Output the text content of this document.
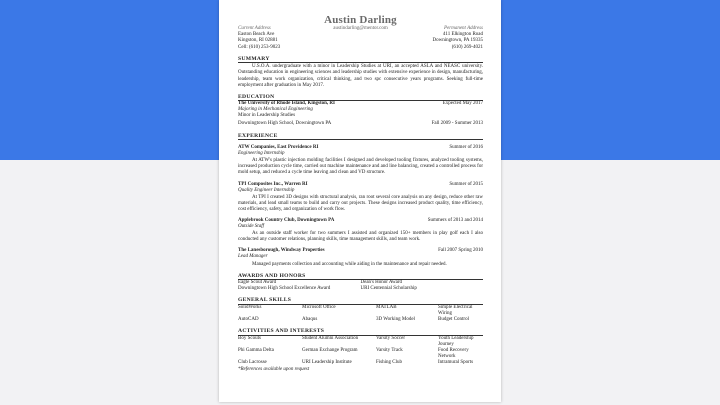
Austin Darling
Current Address	austindarling@mentor.com	Permanent Address
Easton Beach Ave	411 Elkington Road
Kingston, RI 02881	Downingtown, PA 19335
Cell: (610) 253-9023	(610) 269-4021
SUMMARY
U.S.O.A. undergraduate with a minor in Leadership Studies at URI, an accepted ASLA and NEASC university. Outstanding education in engineering sciences and leadership studies with extensive experience in design, manufacturing, leadership, team work organization, critical thinking, and two spc consecutive years programs. Seeking full-time employment after graduation in May 2017.
EDUCATION
The University of Rhode Island, Kingston, RI	Expected May 2017
Majoring in Mechanical Engineering
Minor in Leadership Studies
Downingtown High School, Downingtown PA	Fall 2009 - Summer 2013
EXPERIENCE
ATW Companies, East Providence RI	Summer of 2016
Engineering Internship
At ATW's plastic injection molding facilities I designed and developed tooling fixtures, analyzed tooling systems, increased production cycle time, carried out machine maintenance and and line balancing, created a controlled process for mold setup, and reduced a cycle time leaving and clean and VD structure.
TPI Composites Inc., Warren RI	Summer of 2015
Quality Engineer Internship
At TPI I created 3D designs with structural analysis, ran root several core analysis on any design, reduce other raw materials, and lead small teams to build and carry out projects. These designs increased product quality, time efficiency, cost efficiency, safety, and organization of work flow.
Applebrook Country Club, Downingtown PA	Summers of 2013 and 2014
Outside Staff
As an outside staff worker for two summers I assisted and organized 150+ members in play golf each I also conducted any customer relations, planning skills, time management skills, and team work.
The Lanesborough, Windway Properties	Fall 2007 Spring 2010
Lead Manager
Managed payments collection and accounting while aiding in the maintenance and repair needed.
AWARDS AND HONORS
Eagle Scout Award	Dean's Honor Award
Downingtown High School Excellence Award	URI Centennial Scholarship
GENERAL SKILLS
SolidWorks	Microsoft Office	MATLAB	Simple Electrical Wiring
AutoCAD	Abaqus	3D Working Model	Budget Control
ACTIVITIES AND INTERESTS
Boy Scouts	Student Alumni Association	Varsity Soccer	Youth Leadership Journey
Phi Gamma Delta	German Exchange Program	Varsity Track	Food Recovery Network
Club Lacrosse	URI Leadership Institute	Fishing Club	Intramural Sports
*References available upon request
